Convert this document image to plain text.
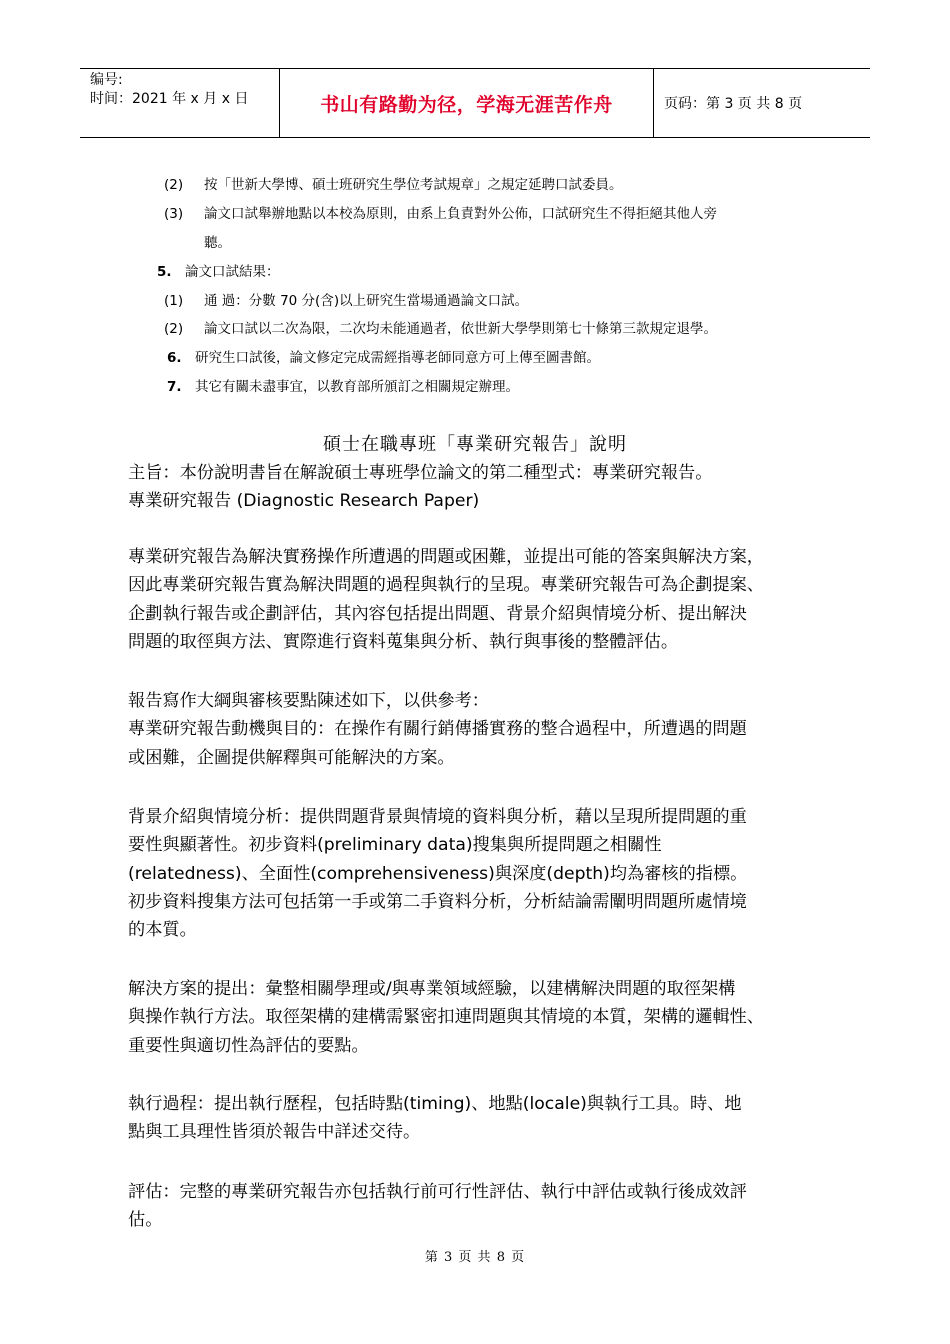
编号:
时间：2021 年 x 月 x 日	书山有路勤为径，学海无涯苦作舟	页码：第 3 页 共 8 页
(2) 按「世新大學博、碩士班研究生學位考試規章」之規定延聘口試委員。
(3) 論文口試舉辦地點以本校為原則，由系上負責對外公佈，口試研究生不得拒絕其他人旁
聽。
5. 論文口試結果：
(1) 通 過：分數 70 分(含)以上研究生當場通過論文口試。
(2) 論文口試以二次為限，二次均未能通過者，依世新大學學則第七十條第三款規定退學。
6. 研究生口試後，論文修定完成需經指導老師同意方可上傳至圖書館。
7. 其它有關未盡事宜，以教育部所頒訂之相關規定辦理。
碩士在職專班「專業研究報告」說明

主旨：本份說明書旨在解說碩士專班學位論文的第二種型式：專業研究報告。

專業研究報告 (Diagnostic Research Paper)

專業研究報告為解決實務操作所遭遇的問題或困難，並提出可能的答案與解決方案，

因此專業研究報告實為解決問題的過程與執行的呈現。專業研究報告可為企劃提案、

企劃執行報告或企劃評估，其內容包括提出問題、背景介紹與情境分析、提出解決

問題的取徑與方法、實際進行資料蒐集與分析、執行與事後的整體評估。

報告寫作大綱與審核要點陳述如下，以供參考：

專業研究報告動機與目的：在操作有關行銷傳播實務的整合過程中，所遭遇的問題

或困難，企圖提供解釋與可能解決的方案。

背景介紹與情境分析：提供問題背景與情境的資料與分析，藉以呈現所提問題的重

要性與顯著性。初步資料(preliminary data)搜集與所提問題之相關性

(relatedness)、全面性(comprehensiveness)與深度(depth)均為審核的指標。

初步資料搜集方法可包括第一手或第二手資料分析，分析結論需闡明問題所處情境

的本質。

解決方案的提出：彙整相關學理或/與專業領域經驗，以建構解決問題的取徑架構

與操作執行方法。取徑架構的建構需緊密扣連問題與其情境的本質，架構的邏輯性、

重要性與適切性為評估的要點。

執行過程：提出執行歷程，包括時點(timing)、地點(locale)與執行工具。時、地

點與工具理性皆須於報告中詳述交待。

評估：完整的專業研究報告亦包括執行前可行性評估、執行中評估或執行後成效評

估。

第 3 页 共 8 页
